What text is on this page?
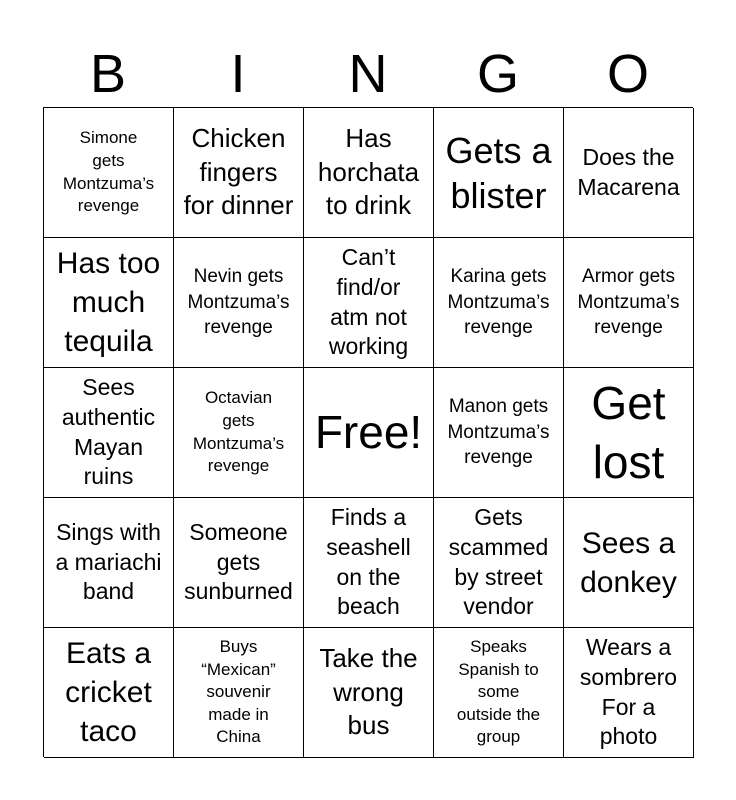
B	I	N	G	O
Simone
gets
Montzuma’s
revenge
Chicken
fingers
for dinner
Has
horchata
to drink
Gets a
blister
Does the
Macarena
Has too
much
tequila
Nevin gets
Montzuma’s
revenge
Can’t
find/or
atm not
working
Karina gets
Montzuma’s
revenge
Armor gets
Montzuma’s
revenge
Sees
authentic
Mayan
ruins
Octavian
gets
Montzuma’s
revenge
Free! Manon gets
Montzuma’s
revenge
Get
lost
Sings with
a mariachi
band
Someone
gets
sunburned
Finds a
seashell
on the
beach
Gets
scammed
by street
vendor
Sees a
donkey
Eats a
cricket
taco
Buys
“Mexican”
souvenir
made in
China
Take the
wrong
bus
Speaks
Spanish to
some
outside the
group
Wears a
sombrero
For a
photo
